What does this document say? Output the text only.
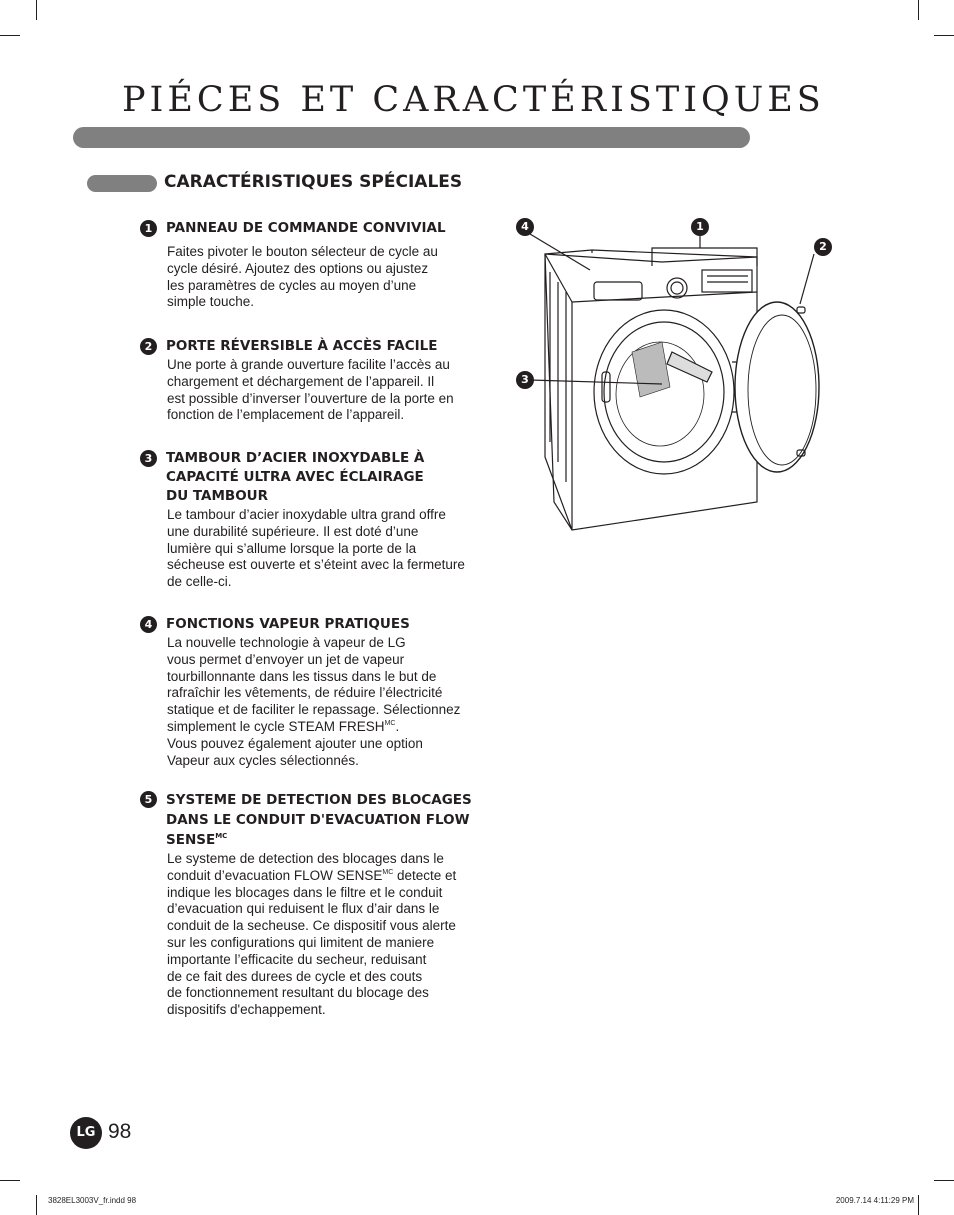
PIÉCES ET CARACTÉRISTIQUES
CARACTÉRISTIQUES SPÉCIALES
1	PANNEAU DE COMMANDE CONVIVIAL

Faites pivoter le bouton sélecteur de cycle au
cycle désiré. Ajoutez des options ou ajustez
les paramètres de cycles au moyen d’une
simple touche.

2	PORTE RÉVERSIBLE À ACCÈS FACILE

Une porte à grande ouverture facilite l’accès au
chargement et déchargement de l’appareil. Il
est possible d’inverser l’ouverture de la porte en
fonction de l’emplacement de l’appareil.

3	TAMBOUR D’ACIER INOXYDABLE À
CAPACITÉ ULTRA AVEC ÉCLAIRAGE
DU TAMBOUR

Le tambour d’acier inoxydable ultra grand offre
une durabilité supérieure. Il est doté d’une
lumière qui s’allume lorsque la porte de la
sécheuse est ouverte et s’éteint avec la fermeture
de celle-ci.

4	FONCTIONS VAPEUR PRATIQUES

La nouvelle technologie à vapeur de LG
vous permet d’envoyer un jet de vapeur
tourbillonnante dans les tissus dans le but de
rafraîchir les vêtements, de réduire l’électricité
statique et de faciliter le repassage. Sélectionnez
simplement le cycle STEAM $FRESH^{MC}$.
Vous pouvez également ajouter une option
Vapeur aux cycles sélectionnés.

5	SYSTEME DE DETECTION DES BLOCAGES
DANS LE CONDUIT D'EVACUATION FLOW
$SENSE^{MC}$

Le systeme de detection des blocages dans le
conduit d’evacuation FLOW $SENSE^{MC}$ detecte et
indique les blocages dans le filtre et le conduit
d’evacuation qui reduisent le flux d’air dans le
conduit de la secheuse. Ce dispositif vous alerte
sur les configurations qui limitent de maniere
importante l’efficacite du secheur, reduisant
de ce fait des durees de cycle et des couts
de fonctionnement resultant du blocage des
dispositifs d'echappement.

4	1
2
3
LG 98
3828EL3003V_fr.indd 98	2009.7.14 4:11:29 PM
